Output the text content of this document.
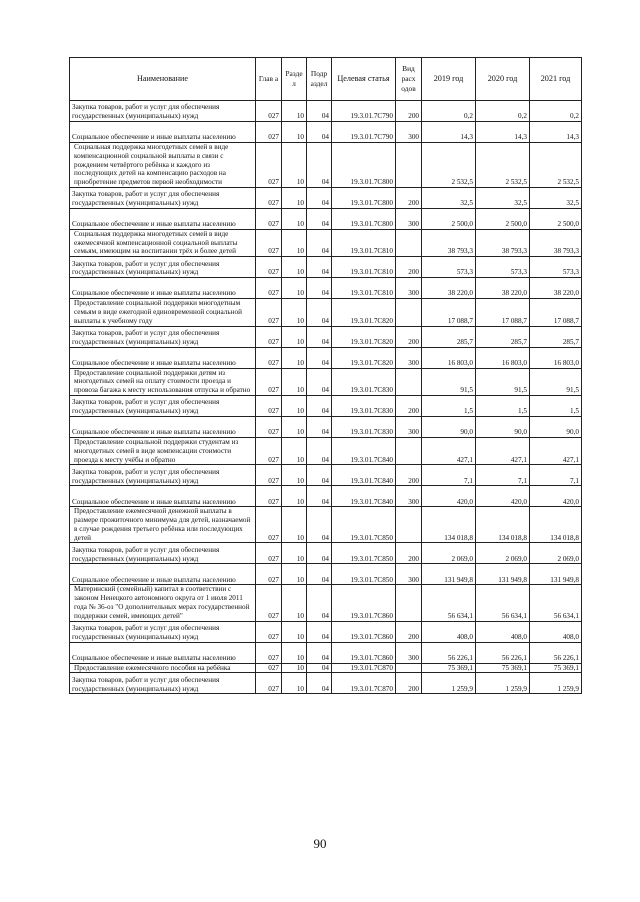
Наименование	Глав а	Разде л	Подр аздел	Целевая статья	Вид расх одов	2019 год	2020 год	2021 год
Закупка товаров, работ и услуг для обеспечения государственных (муниципальных) нужд	027	10	04	19.3.01.7С790	200	0,2	0,2	0,2
Социальное обеспечение и иные выплаты населению	027	10	04	19.3.01.7С790	300	14,3	14,3	14,3
Социальная поддержка многодетных семей в виде компенсационной социальной выплаты в связи с рождением четвёртого ребёнка и каждого из последующих детей на компенсацию расходов на приобретение предметов первой необходимости	027	10	04	19.3.01.7С800		2 532,5	2 532,5	2 532,5
Закупка товаров, работ и услуг для обеспечения государственных (муниципальных) нужд	027	10	04	19.3.01.7С800	200	32,5	32,5	32,5
Социальное обеспечение и иные выплаты населению	027	10	04	19.3.01.7С800	300	2 500,0	2 500,0	2 500,0
Социальная поддержка многодетных семей в виде ежемесячной компенсационной социальной выплаты семьям, имеющим на воспитании трёх и более детей	027	10	04	19.3.01.7С810		38 793,3	38 793,3	38 793,3
Закупка товаров, работ и услуг для обеспечения государственных (муниципальных) нужд	027	10	04	19.3.01.7С810	200	573,3	573,3	573,3
Социальное обеспечение и иные выплаты населению	027	10	04	19.3.01.7С810	300	38 220,0	38 220,0	38 220,0
Предоставление социальной поддержки многодетным семьям в виде ежегодной единовременной социальной выплаты к учебному году	027	10	04	19.3.01.7С820		17 088,7	17 088,7	17 088,7
Закупка товаров, работ и услуг для обеспечения государственных (муниципальных) нужд	027	10	04	19.3.01.7С820	200	285,7	285,7	285,7
Социальное обеспечение и иные выплаты населению	027	10	04	19.3.01.7С820	300	16 803,0	16 803,0	16 803,0
Предоставление социальной поддержки детям из многодетных семей на оплату стоимости проезда и провоза багажа к месту использования отпуска и обратно	027	10	04	19.3.01.7С830		91,5	91,5	91,5
Закупка товаров, работ и услуг для обеспечения государственных (муниципальных) нужд	027	10	04	19.3.01.7С830	200	1,5	1,5	1,5
Социальное обеспечение и иные выплаты населению	027	10	04	19.3.01.7С830	300	90,0	90,0	90,0
Предоставление социальной поддержки студентам из многодетных семей в виде компенсации стоимости проезда к месту учёбы и обратно	027	10	04	19.3.01.7С840		427,1	427,1	427,1
Закупка товаров, работ и услуг для обеспечения государственных (муниципальных) нужд	027	10	04	19.3.01.7С840	200	7,1	7,1	7,1
Социальное обеспечение и иные выплаты населению	027	10	04	19.3.01.7С840	300	420,0	420,0	420,0
Предоставление ежемесячной денежной выплаты в размере прожиточного минимума для детей, назначаемой в случае рождения третьего ребёнка или последующих детей	027	10	04	19.3.01.7С850		134 018,8	134 018,8	134 018,8
Закупка товаров, работ и услуг для обеспечения государственных (муниципальных) нужд	027	10	04	19.3.01.7С850	200	2 069,0	2 069,0	2 069,0
Социальное обеспечение и иные выплаты населению	027	10	04	19.3.01.7С850	300	131 949,8	131 949,8	131 949,8
Материнский (семейный) капитал в соответствии с законом Ненецкого автономного округа от 1 июля 2011 года № 36-оз "О дополнительных мерах государственной поддержки семей, имеющих детей"	027	10	04	19.3.01.7С860		56 634,1	56 634,1	56 634,1
Закупка товаров, работ и услуг для обеспечения государственных (муниципальных) нужд	027	10	04	19.3.01.7С860	200	408,0	408,0	408,0
Социальное обеспечение и иные выплаты населению	027	10	04	19.3.01.7С860	300	56 226,1	56 226,1	56 226,1
Предоставление ежемесячного пособия на ребёнка	027	10	04	19.3.01.7С870		75 369,1	75 369,1	75 369,1
Закупка товаров, работ и услуг для обеспечения государственных (муниципальных) нужд	027	10	04	19.3.01.7С870	200	1 259,9	1 259,9	1 259,9
90
